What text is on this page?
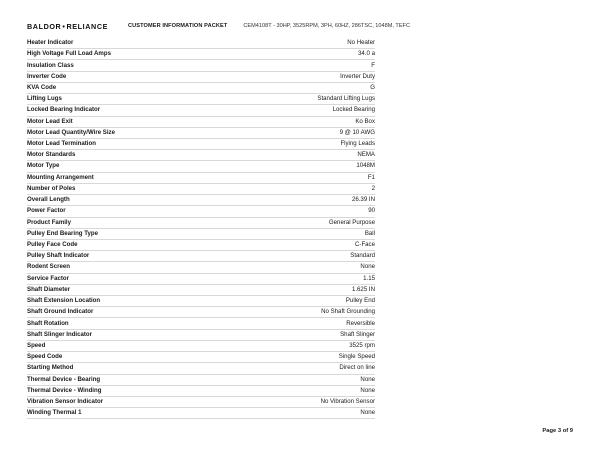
BALDOR•RELIANCE	CUSTOMER INFORMATION PACKET	CEM4108T - 30HP, 3525RPM, 3PH, 60HZ, 286TSC, 1048M, TEFC
Heater Indicator	No Heater
High Voltage Full Load Amps	34.0 a
Insulation Class	F
Inverter Code	Inverter Duty
KVA Code	G
Lifting Lugs	Standard Lifting Lugs
Locked Bearing Indicator	Locked Bearing
Motor Lead Exit	Ko Box
Motor Lead Quantity/Wire Size	9 @ 10 AWG
Motor Lead Termination	Flying Leads
Motor Standards	NEMA
Motor Type	1048M
Mounting Arrangement	F1
Number of Poles	2
Overall Length	26.39 IN
Power Factor	90
Product Family	General Purpose
Pulley End Bearing Type	Ball
Pulley Face Code	C-Face
Pulley Shaft Indicator	Standard
Rodent Screen	None
Service Factor	1.15
Shaft Diameter	1.625 IN
Shaft Extension Location	Pulley End
Shaft Ground Indicator	No Shaft Grounding
Shaft Rotation	Reversible
Shaft Slinger Indicator	Shaft Slinger
Speed	3525 rpm
Speed Code	Single Speed
Starting Method	Direct on line
Thermal Device - Bearing	None
Thermal Device - Winding	None
Vibration Sensor Indicator	No Vibration Sensor
Winding Thermal 1	None
Page 3 of 9
